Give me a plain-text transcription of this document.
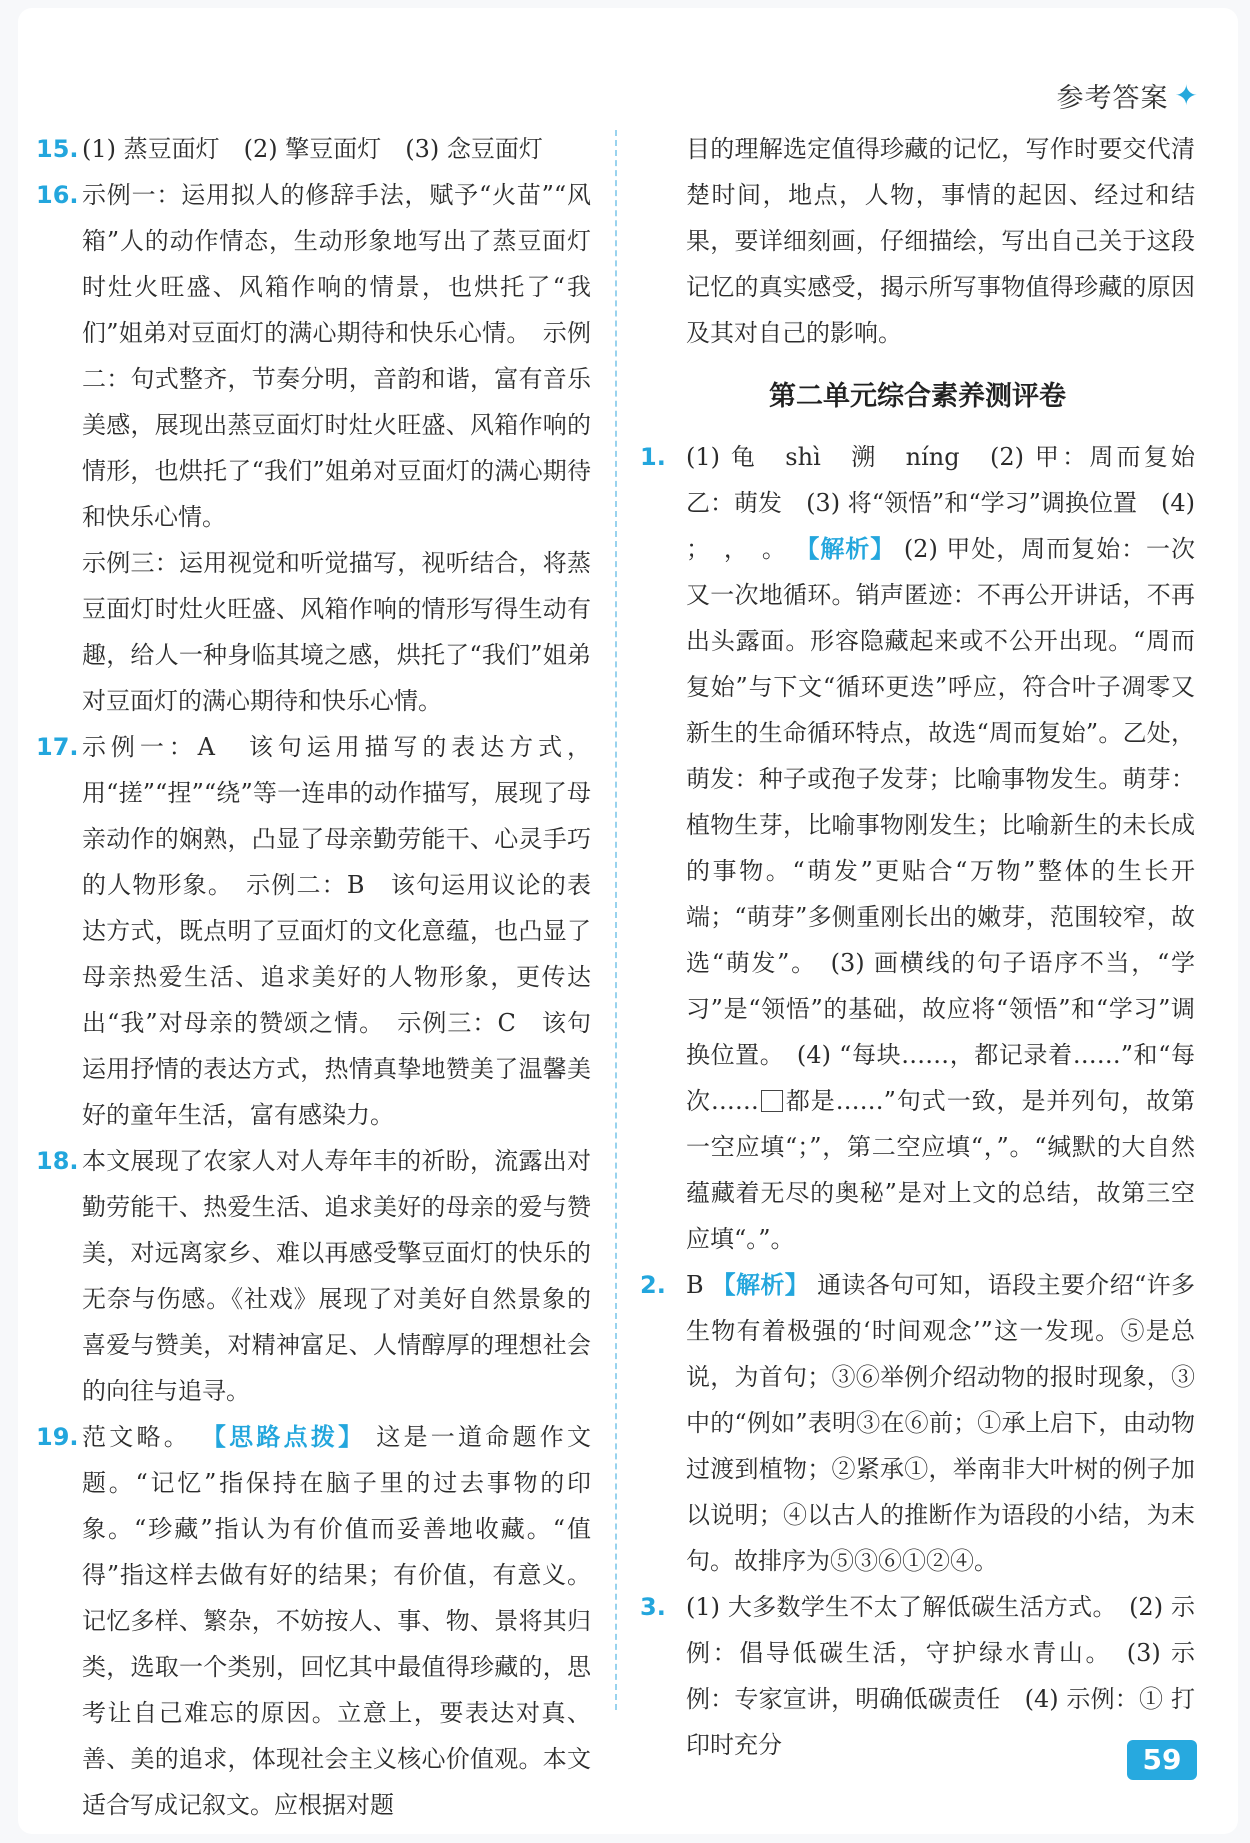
参考答案 ✦

15. (1) 蒸豆面灯　(2) 擎豆面灯　(3) 念豆面灯

16. 示例一：运用拟人的修辞手法，赋予“火苗”“风箱”人的动作情态，生动形象地写出了蒸豆面灯时灶火旺盛、风箱作响的情景，也烘托了“我们”姐弟对豆面灯的满心期待和快乐心情。　示例二：句式整齐，节奏分明，音韵和谐，富有音乐美感，展现出蒸豆面灯时灶火旺盛、风箱作响的情形，也烘托了“我们”姐弟对豆面灯的满心期待和快乐心情。

示例三：运用视觉和听觉描写，视听结合，将蒸豆面灯时灶火旺盛、风箱作响的情形写得生动有趣，给人一种身临其境之感，烘托了“我们”姐弟对豆面灯的满心期待和快乐心情。

17. 示例一：A　该句运用描写的表达方式，用“搓”“捏”“绕”等一连串的动作描写，展现了母亲动作的娴熟，凸显了母亲勤劳能干、心灵手巧的人物形象。　示例二：B　该句运用议论的表达方式，既点明了豆面灯的文化意蕴，也凸显了母亲热爱生活、追求美好的人物形象，更传达出“我”对母亲的赞颂之情。　示例三：C　该句运用抒情的表达方式，热情真挚地赞美了温馨美好的童年生活，富有感染力。

18. 本文展现了农家人对人寿年丰的祈盼，流露出对勤劳能干、热爱生活、追求美好的母亲的爱与赞美，对远离家乡、难以再感受擎豆面灯的快乐的无奈与伤感。《社戏》展现了对美好自然景象的喜爱与赞美，对精神富足、人情醇厚的理想社会的向往与追寻。

19. 范文略。 【思路点拨】 这是一道命题作文题。“记忆”指保持在脑子里的过去事物的印象。“珍藏”指认为有价值而妥善地收藏。“值得”指这样去做有好的结果；有价值，有意义。记忆多样、繁杂，不妨按人、事、物、景将其归类，选取一个类别，回忆其中最值得珍藏的，思考让自己难忘的原因。立意上，要表达对真、善、美的追求，体现社会主义核心价值观。本文适合写成记叙文。应根据对题

目的理解选定值得珍藏的记忆，写作时要交代清楚时间，地点，人物，事情的起因、经过和结果，要详细刻画，仔细描绘，写出自己关于这段记忆的真实感受，揭示所写事物值得珍藏的原因及其对自己的影响。

第二单元综合素养测评卷

1. (1) 龟　shì　溯　níng　(2) 甲：周而复始　乙：萌发　(3) 将“领悟”和“学习”调换位置　(4) ；　，　。 【解析】 (2) 甲处，周而复始：一次又一次地循环。销声匿迹：不再公开讲话，不再出头露面。形容隐藏起来或不公开出现。“周而复始”与下文“循环更迭”呼应，符合叶子凋零又新生的生命循环特点，故选“周而复始”。乙处，萌发：种子或孢子发芽；比喻事物发生。萌芽：植物生芽，比喻事物刚发生；比喻新生的未长成的事物。“萌发”更贴合“万物”整体的生长开端；“萌芽”多侧重刚长出的嫩芽，范围较窄，故选“萌发”。　(3) 画横线的句子语序不当，“学习”是“领悟”的基础，故应将“领悟”和“学习”调换位置。　(4) “每块……，都记录着……”和“每次…… 都是……”句式一致，是并列句，故第一空应填“；”，第二空应填“，”。“缄默的大自然蕴藏着无尽的奥秘”是对上文的总结，故第三空应填“。”。

2. B 【解析】 通读各句可知，语段主要介绍“许多生物有着极强的‘时间观念’”这一发现。⑤是总说，为首句；③⑥举例介绍动物的报时现象，③中的“例如”表明③在⑥前；①承上启下，由动物过渡到植物；②紧承①，举南非大叶树的例子加以说明；④以古人的推断作为语段的小结，为末句。故排序为⑤③⑥①②④。

3. (1) 大多数学生不太了解低碳生活方式。　(2) 示例：倡导低碳生活，守护绿水青山。　(3) 示例：专家宣讲，明确低碳责任　(4) 示例：① 打印时充分	59
